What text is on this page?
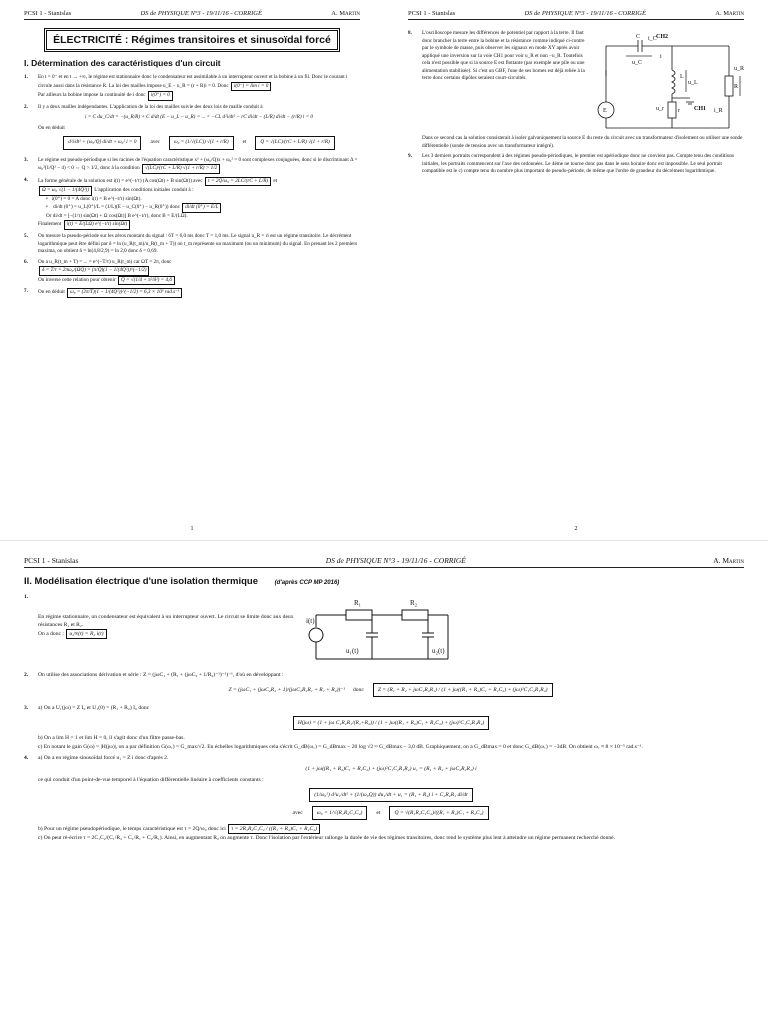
PCSI 1 - Stanislas	DS de PHYSIQUE N°3 - 19/11/16 - CORRIGÉ	A. Martin
ÉLECTRICITÉ : Régimes transitoires et sinusoïdal forcé
I. Détermination des caractéristiques d'un circuit
1.	En t = 0⁻ et en t → +∞, le régime est stationnaire donc le condensateur est assimilable à un interrupteur ouvert et la bobine à un fil. Donc le courant i circule aussi dans la résistance R. La loi des mailles impose u_E − u_R = (r + R)i = 0. Donc i(0⁻) = lim i = 0
Par ailleurs la bobine impose la continuité de i donc i(0⁺) = 0
2.	Il y a deux mailles indépendantes. L'application de la loi des mailles suivie des deux lois de maille conduit à
i = C du_C/dt = −(u_R/R) + C d/dt (E − u_L − u_R) = ... = −CL d²i/dt² − rC di/dt − (L/R) di/dt − (r/R) i = 0
On en déduit
d²i/dt² + (ω₀/Q) di/dt + ω₀² i = 0	avec	ω₀ = (1/√(LC)) √(1 + r/R)	et	Q = √(LC)/(rC + L/R) √(1 + r/R)
3.	Le régime est pseudo-périodique si les racines de l'équation caractéristique x² + (ω₀/Q)x + ω₀² = 0 sont complexes conjuguées, donc si le discriminant Δ = ω₀²(1/Q² − 4) < 0 ⇔ Q > 1/2, donc à la condition √(LC)/(rC + L/R) √(1 + r/R) > 1/2
4.	La forme générale de la solution est i(t) = e^(−t/τ) (A cos(Ωt) + B sin(Ωt)) avec τ = 2Q/ω₀ = 2LC/(rC + L/R) et
Ω = ω₀ √(1 − 1/(4Q²)) L'application des conditions initiales conduit à :
• i(0⁺) = 0 = A donc i(t) = B e^(−t/τ) sin(Ωt).
• di/dt (0⁺) = u_L(0⁺)/L = (1/L)(E − u_C(0⁺) − u_R(0⁺)) donc di/dt (0⁺) = E/L
Or di/dt = [−(1/τ) sin(Ωt) + Ω cos(Ωt)] B e^(−t/τ), donc B = E/(LΩ).
Finalement i(t) = E/(LΩ) e^(−t/τ) sin(Ωt)
5.	On mesure la pseudo-période sur les zéros montant du signal : 6T = 6,0 ms donc T = 1,0 ms. Le signal u_R = ri est un régime transitoire. Le décrément logarithmique peut être défini par δ = ln (u_R(t_m)/u_R(t_m + T)) où t_m représente un maximum (ou un minimum) du signal. En prenant les 2 premiers maxima, on obtient δ = ln(4,8/2,9) = ln 2,0 donc δ = 0,69.
6.	On a u_R(t_m + T) = ... = e^(−T/τ) u_R(t_m) car ΩT = 2π, donc
δ = T/τ = 2πω₀/(ΩQ) = (π/Q)(1 − 1/(4Q²))^(−1/2)
On inverse cette relation pour obtenir Q = √(1/4 + π²/δ²) = 4,6
7.	On en déduit ω₀ = (2π/T)(1 − 1/(4Q²))^(−1/2) = 6,3 × 10³ rad.s⁻¹
1
PCSI 1 - Stanislas	DS de PHYSIQUE N°3 - 19/11/16 - CORRIGÉ	A. Martin
8.	L'oscilloscope mesure les différences de potentiel par rapport à la terre. Il faut donc brancher la terre entre la bobine et la résistance comme indiqué ci-contre par le symbole de masse, puis observer les signaux en mode XY après avoir appliqué une inversion sur la voie CH1 pour voir u_R et non −u_R. Toutefois cela n'est possible que si la source E est flottante (par exemple une pile ou une alimentation stabilisée). Si c'est un GBF, l'une de ses bornes est déjà reliée à la terre donc certains dipôles seraient court-circuités.
C i_C CH2
u_C
L
u_L
R
i_R
u_R
E	r
u_r	CH1
i
Dans ce second cas la solution consisterait à isoler galvaniquement la source E du reste du circuit avec un transformateur d'isolement ou utiliser une sonde différentielle (sonde de tension avec un transformateur intégré).
9.	Les 3 derniers portraits correspondent à des régimes pseudo-périodiques, le premier est apériodique donc ne convient pas. Compte tenu des conditions initiales, les portraits commencent sur l'axe des ordonnées. Le 4ème ne tourne donc pas dans le sens horaire donc est impossible. Le seul portrait compatible est le c) compte tenu du nombre plus important de pseudo-période, de même que l'ordre de grandeur du décrément logarithmique.
2
PCSI 1 - Stanislas	DS de PHYSIQUE N°3 - 19/11/16 - CORRIGÉ	A. Martin
II. Modélisation électrique d'une isolation thermique	(d'après CCP MP 2016)
1.
En régime stationnaire, un condensateur est équivalent à un interrupteur ouvert. Le circuit se limite donc aux deux résistances R₁ et R₂.
On a donc : u₂∞(t) = R₂ i(t)
R₁	R₂
i(t)
u₁(t)	u₂(t)
2.	On utilise des associations dérivation et série : Z = (jωC₁ + (R₁ + (jωC₂ + 1/R₂)⁻¹)⁻¹)⁻¹, d'où en développant :
Z = (jωC₁ + (jωC₂R₂ + 1)/(jωC₂R₂R₁ + R₁ + R₂))⁻¹ donc	Z = (R₁ + R₂ + jωC₂R₂R₁) / (1 + jω((R₁ + R₂)C₁ + R₂C₂) + (jω)²C₁C₂R₁R₂)
3.	a) On a U₁(jω) = Z I₀ et U₁(0) = (R₁ + R₂) I₀ donc
H(jω) = (1 + jω C₂R₂R₁/(R₁+R₂)) / (1 + jω((R₁ + R₂)C₁ + R₂C₂) + (jω)²C₁C₂R₁R₂)
b) On a lim H = 1 et lim H = 0, il s'agit donc d'un filtre passe-bas.
c) En notant le gain G(ω) = |H(jω)|, on a par définition G(ω꜀) = G_max/√2. En échelles logarithmiques cela s'écrit G_dB(ω꜀) = G_dBmax − 20 log √2 ≈ G_dBmax − 3,0 dB. Graphiquement, on a G_dBmax = 0 et donc G_dB(ω꜀) = −3dB. On obtient ω꜀ ≈ 8 × 10⁻⁵ rad.s⁻¹.
4.	a) On a en régime sinusoïdal forcé u₁ = Z i donc d'après 2.
(1 + jω((R₁ + R₂)C₁ + R₂C₂) + (jω)²C₁C₂R₁R₂) u₁ = (R₁ + R₂ + jωC₂R₂R₁) i
ce qui conduit d'un point-de-vue temporel à l'équation différentielle linéaire à coefficients constants :
(1/ω₀²) d²u₁/dt² + (1/(ω₀Q)) du₁/dt + u₁ = (R₁ + R₂) i + C₂R₂R₁ di/dt
avec	ω₀ = 1/√(R₁R₂C₁C₂)	et	Q = √(R₁R₂C₁C₂)/((R₁ + R₂)C₁ + R₂C₂)
b) Pour un régime pseudopériodique, le temps caractéristique est τ = 2Q/ω₀ donc ici τ = 2R₁R₂C₁C₂ / ((R₁ + R₂)C₁ + R₂C₂)
c) On peut ré-écrire τ = 2C₁C₂/(C₁/R₂ + C₁/R₁ + C₂/R₁). Ainsi, en augmentant R₂ on augmente τ. Donc l'isolation par l'extérieur rallonge la durée de vie des régimes transitoires, donc rend le système plus lent à atteindre un régime permanent recherché donné.
